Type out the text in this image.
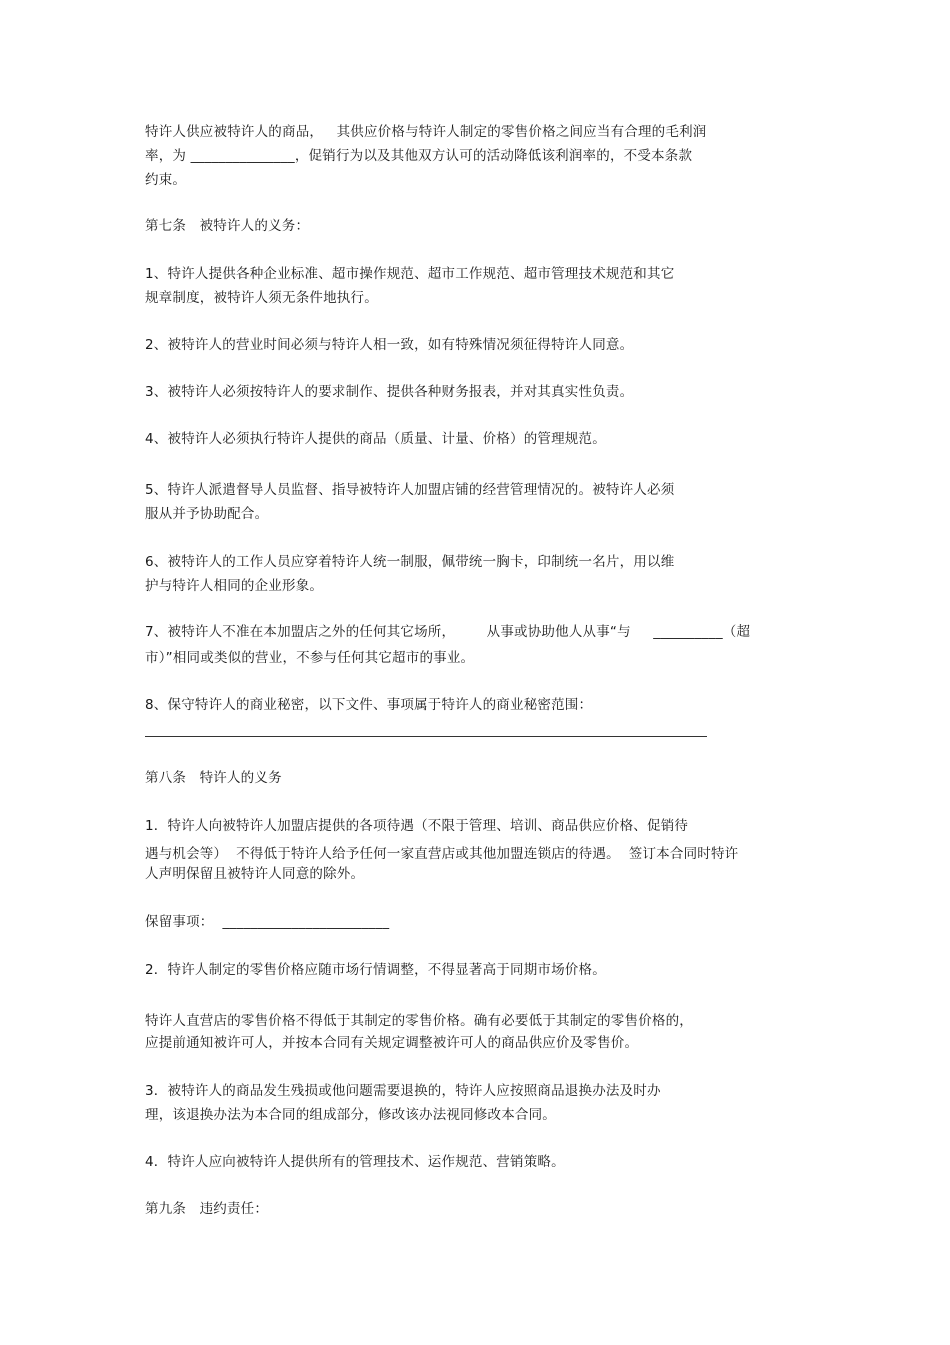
特许人供应被特许人的商品，   其供应价格与特许人制定的零售价格之间应当有合理的毛利润
率，为 _______________，促销行为以及其他双方认可的活动降低该利润率的，不受本条款
约束。
第七条   被特许人的义务：
1、特许人提供各种企业标准、超市操作规范、超市工作规范、超市管理技术规范和其它
规章制度，被特许人须无条件地执行。
2、被特许人的营业时间必须与特许人相一致，如有特殊情况须征得特许人同意。
3、被特许人必须按特许人的要求制作、提供各种财务报表，并对其真实性负责。
4、被特许人必须执行特许人提供的商品（质量、计量、价格）的管理规范。
5、特许人派遣督导人员监督、指导被特许人加盟店铺的经营管理情况的。被特许人必须
服从并予协助配合。
6、被特许人的工作人员应穿着特许人统一制服，佩带统一胸卡，印制统一名片，用以维
护与特许人相同的企业形象。
7、被特许人不准在本加盟店之外的任何其它场所，       从事或协助他人从事“与     __________（超
市）”相同或类似的营业，不参与任何其它超市的事业。
8、保守特许人的商业秘密，以下文件、事项属于特许人的商业秘密范围：
第八条   特许人的义务
1．特许人向被特许人加盟店提供的各项待遇（不限于管理、培训、商品供应价格、促销待
遇与机会等）  不得低于特许人给予任何一家直营店或其他加盟连锁店的待遇。  签订本合同时特许
人声明保留且被特许人同意的除外。
保留事项：  ________________________
2．特许人制定的零售价格应随市场行情调整，不得显著高于同期市场价格。
特许人直营店的零售价格不得低于其制定的零售价格。确有必要低于其制定的零售价格的，
应提前通知被许可人，并按本合同有关规定调整被许可人的商品供应价及零售价。
3．被特许人的商品发生残损或他问题需要退换的，特许人应按照商品退换办法及时办
理，该退换办法为本合同的组成部分，修改该办法视同修改本合同。
4．特许人应向被特许人提供所有的管理技术、运作规范、营销策略。
第九条   违约责任：
